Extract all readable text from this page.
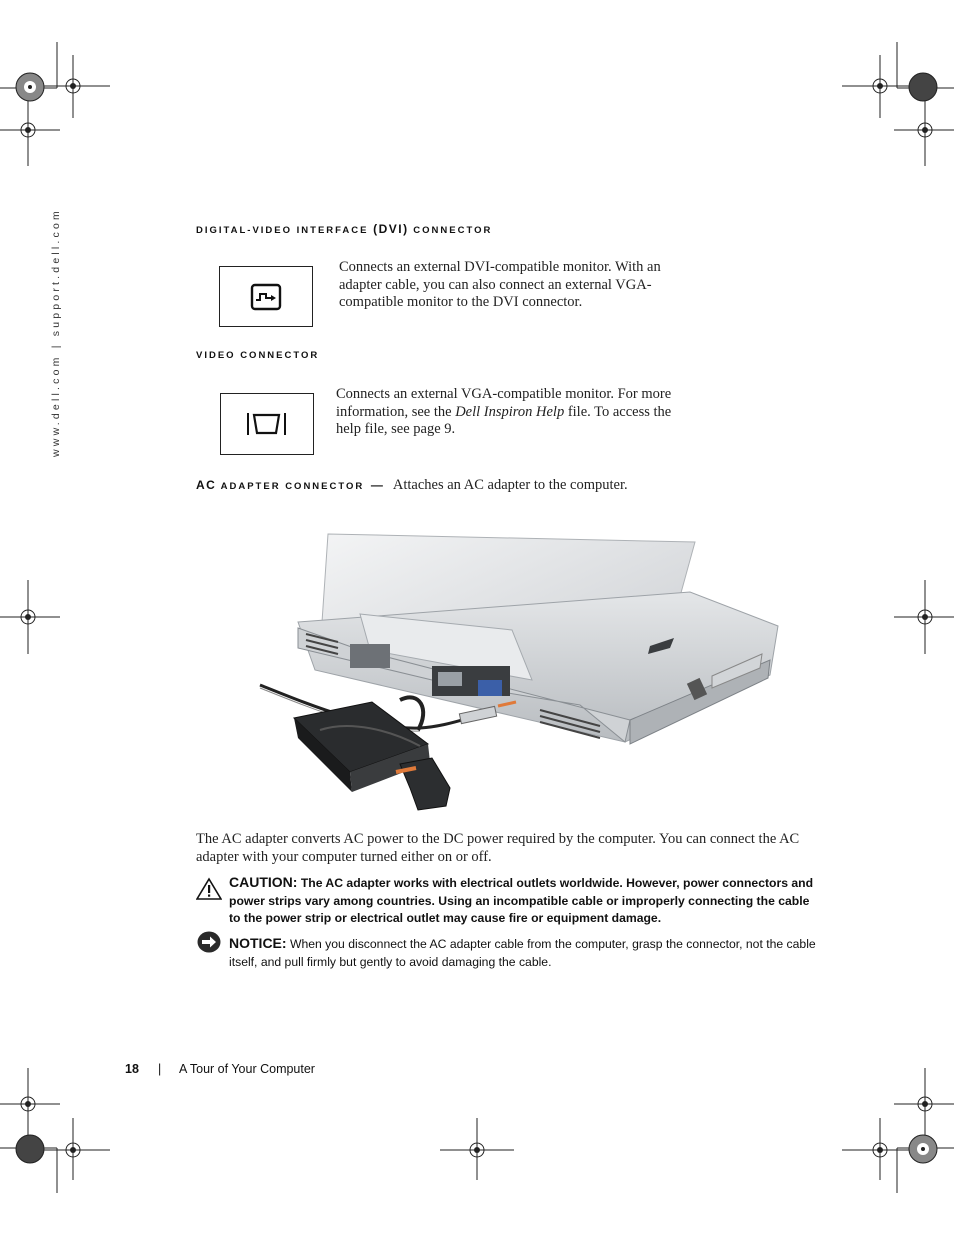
www.dell.com | support.dell.com	DIGITAL-VIDEO INTERFACE (DVI) CONNECTOR
Connects an external DVI-compatible monitor. With an adapter cable, you can also connect an external VGA-compatible monitor to the DVI connector.
VIDEO CONNECTOR
Connects an external VGA-compatible monitor. For more information, see the Dell Inspiron Help file. To access the help file, see page 9.
AC ADAPTER CONNECTOR — Attaches an AC adapter to the computer.
The AC adapter converts AC power to the DC power required by the computer. You can connect the AC adapter with your computer turned either on or off.
CAUTION: The AC adapter works with electrical outlets worldwide. However, power connectors and power strips vary among countries. Using an incompatible cable or improperly connecting the cable to the power strip or electrical outlet may cause fire or equipment damage.
NOTICE: When you disconnect the AC adapter cable from the computer, grasp the connector, not the cable itself, and pull firmly but gently to avoid damaging the cable.
18 | A Tour of Your Computer
